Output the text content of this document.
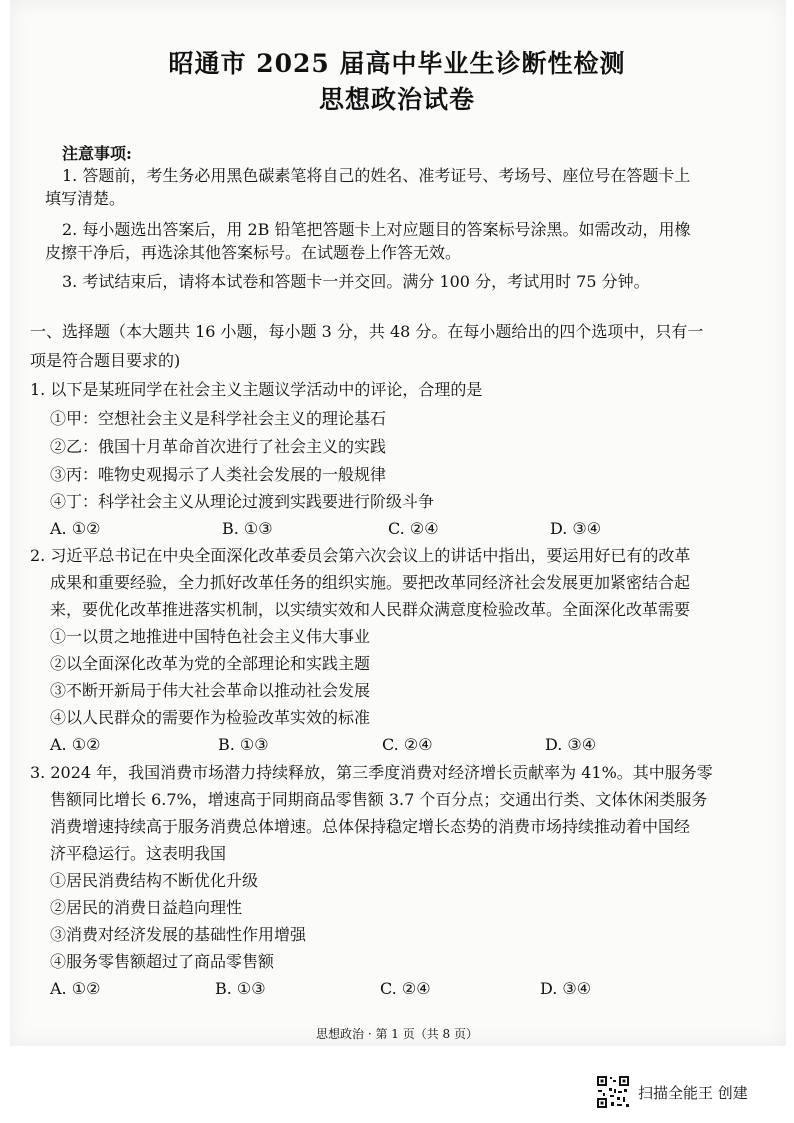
昭通市 2025 届高中毕业生诊断性检测
思想政治试卷
注意事项:
1. 答题前，考生务必用黑色碳素笔将自己的姓名、准考证号、考场号、座位号在答题卡上
填写清楚。
2. 每小题选出答案后，用 2B 铅笔把答题卡上对应题目的答案标号涂黑。如需改动，用橡
皮擦干净后，再选涂其他答案标号。在试题卷上作答无效。
3. 考试结束后，请将本试卷和答题卡一并交回。满分 100 分，考试用时 75 分钟。
一、选择题（本大题共 16 小题，每小题 3 分，共 48 分。在每小题给出的四个选项中，只有一
项是符合题目要求的)
1. 以下是某班同学在社会主义主题议学活动中的评论，合理的是
①甲：空想社会主义是科学社会主义的理论基石
②乙：俄国十月革命首次进行了社会主义的实践
③丙：唯物史观揭示了人类社会发展的一般规律
④丁：科学社会主义从理论过渡到实践要进行阶级斗争
A. ①②	B. ①③	C. ②④	D. ③④
2. 习近平总书记在中央全面深化改革委员会第六次会议上的讲话中指出，要运用好已有的改革
成果和重要经验，全力抓好改革任务的组织实施。要把改革同经济社会发展更加紧密结合起
来，要优化改革推进落实机制，以实绩实效和人民群众满意度检验改革。全面深化改革需要
①一以贯之地推进中国特色社会主义伟大事业
②以全面深化改革为党的全部理论和实践主题
③不断开新局于伟大社会革命以推动社会发展
④以人民群众的需要作为检验改革实效的标准
A. ①②	B. ①③	C. ②④	D. ③④
3. 2024 年，我国消费市场潜力持续释放，第三季度消费对经济增长贡献率为 41%。其中服务零
售额同比增长 6.7%，增速高于同期商品零售额 3.7 个百分点；交通出行类、文体休闲类服务
消费增速持续高于服务消费总体增速。总体保持稳定增长态势的消费市场持续推动着中国经
济平稳运行。这表明我国
①居民消费结构不断优化升级
②居民的消费日益趋向理性
③消费对经济发展的基础性作用增强
④服务零售额超过了商品零售额
A. ①②	B. ①③	C. ②④	D. ③④
思想政治 · 第 1 页（共 8 页）
扫描全能王 创建
